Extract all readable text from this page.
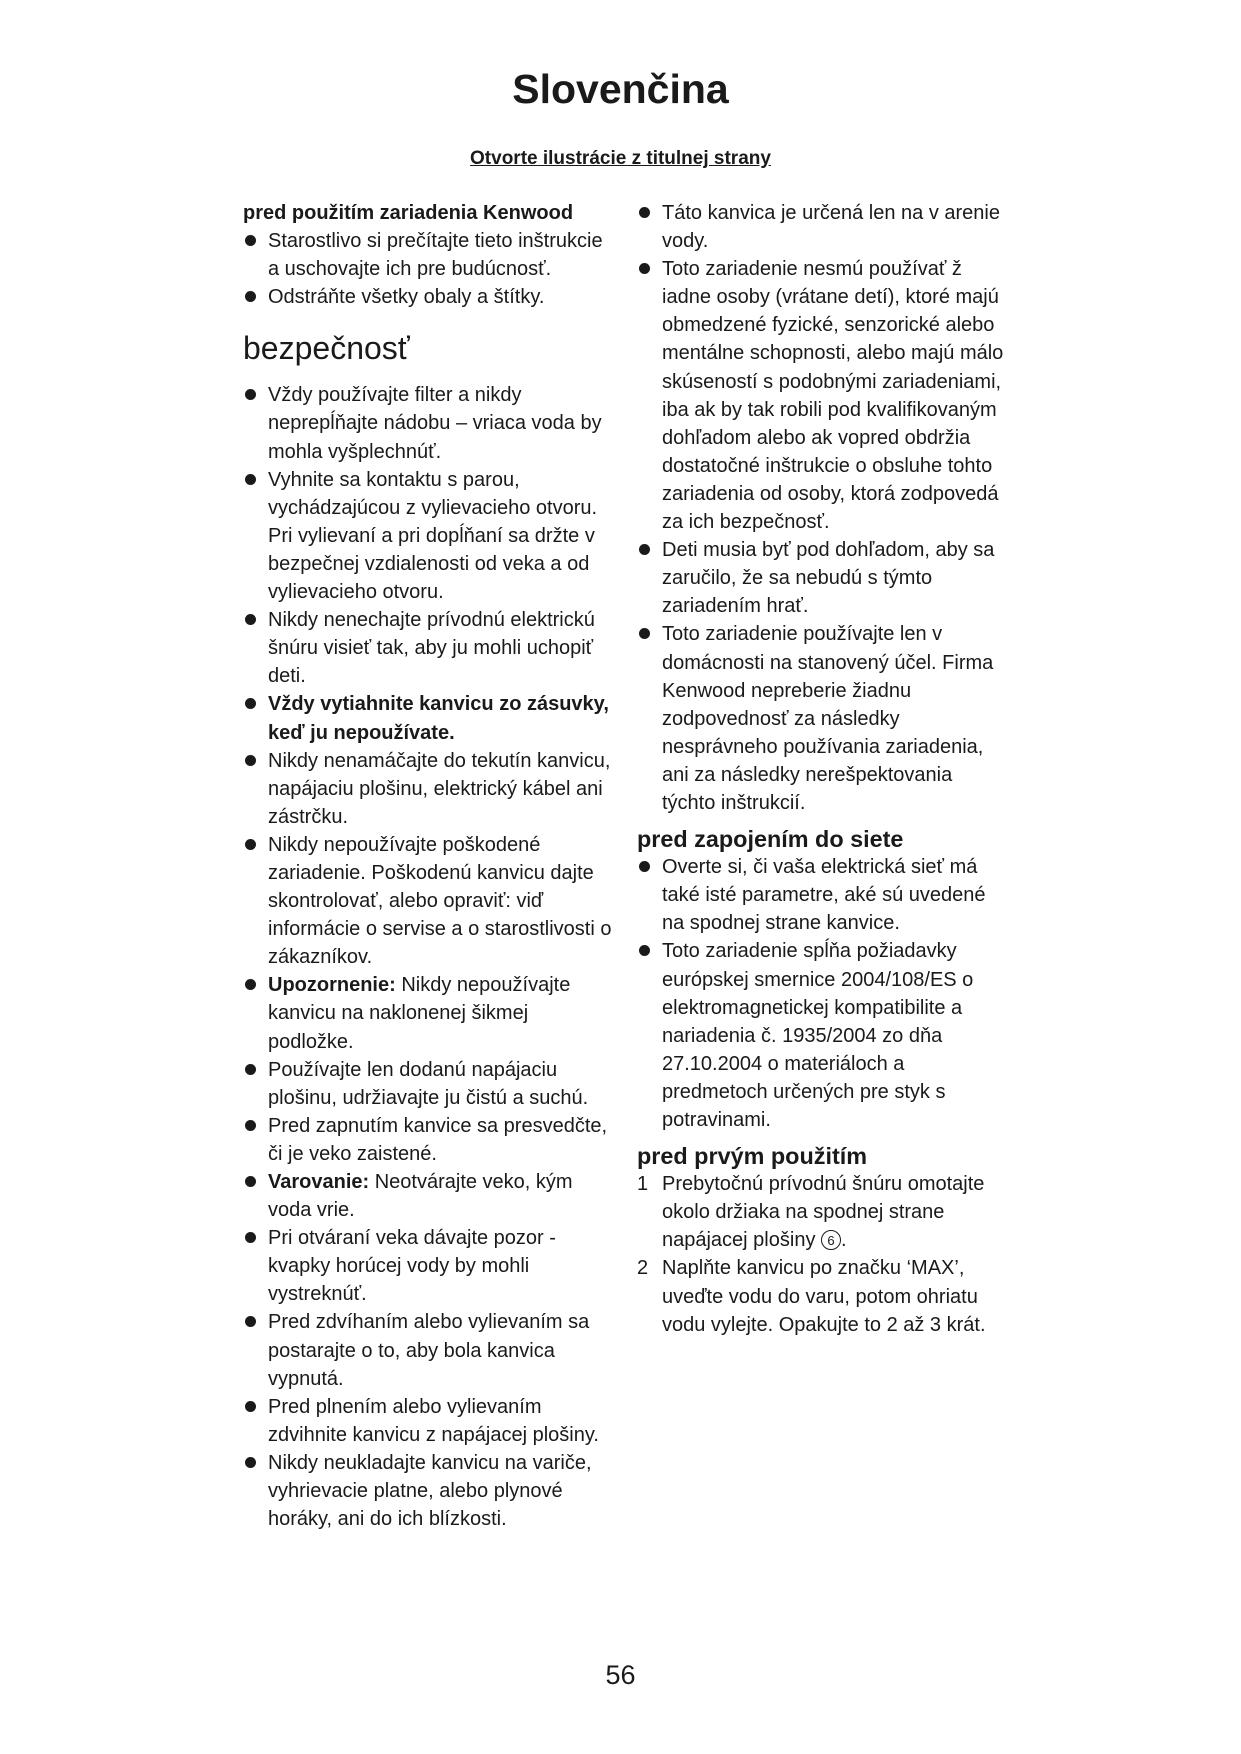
Slovenčina

Otvorte ilustrácie z titulnej strany

pred použitím zariadenia Kenwood

Starostlivo si prečítajte tieto inštrukcie a uschovajte ich pre budúcnosť.
Odstráňte všetky obaly a štítky.
bezpečnosť
Vždy používajte filter a nikdy neprepĺňajte nádobu – vriaca voda by mohla vyšplechnúť.
Vyhnite sa kontaktu s parou, vychádzajúcou z vylievacieho otvoru. Pri vylievaní a pri dopĺňaní sa držte v bezpečnej vzdialenosti od veka a od vylievacieho otvoru.
Nikdy nenechajte prívodnú elektrickú šnúru visieť tak, aby ju mohli uchopiť deti.
Vždy vytiahnite kanvicu zo zásuvky, keď ju nepoužívate.
Nikdy nenamáčajte do tekutín kanvicu, napájaciu plošinu, elektrický kábel ani zástrčku.
Nikdy nepoužívajte poškodené zariadenie. Poškodenú kanvicu dajte skontrolovať, alebo opraviť: viď informácie o servise a o starostlivosti o zákazníkov.
Upozornenie: Nikdy nepoužívajte kanvicu na naklonenej šikmej podložke.
Používajte len dodanú napájaciu plošinu, udržiavajte ju čistú a suchú.
Pred zapnutím kanvice sa presvedčte, či je veko zaistené.
Varovanie: Neotvárajte veko, kým voda vrie.
Pri otváraní veka dávajte pozor - kvapky horúcej vody by mohli vystreknúť.
Pred zdvíhaním alebo vylievaním sa postarajte o to, aby bola kanvica vypnutá.
Pred plnením alebo vylievaním zdvihnite kanvicu z napájacej plošiny.
Nikdy neukladajte kanvicu na variče, vyhrievacie platne, alebo plynové horáky, ani do ich blízkosti.
Táto kanvica je určená len na v arenie vody.
Toto zariadenie nesmú používať ž iadne osoby (vrátane detí), ktoré majú obmedzené fyzické, senzorické alebo mentálne schopnosti, alebo majú málo skúseností s podobnými zariadeniami, iba ak by tak robili pod kvalifikovaným dohľadom alebo ak vopred obdržia dostatočné inštrukcie o obsluhe tohto zariadenia od osoby, ktorá zodpovedá za ich bezpečnosť.
Deti musia byť pod dohľadom, aby sa zaručilo, že sa nebudú s týmto zariadením hrať.
Toto zariadenie používajte len v domácnosti na stanovený účel. Firma Kenwood nepreberie žiadnu zodpovednosť za následky nesprávneho používania zariadenia, ani za následky nerešpektovania týchto inštrukcií.
pred zapojením do siete
Overte si, či vaša elektrická sieť má také isté parametre, aké sú uvedené na spodnej strane kanvice.
Toto zariadenie spĺňa požiadavky európskej smernice 2004/108/ES o elektromagnetickej kompatibilite a nariadenia č. 1935/2004 zo dňa 27.10.2004 o materiáloch a predmetoch určených pre styk s potravinami.
pred prvým použitím
1 Prebytočnú prívodnú šnúru omotajte okolo držiaka na spodnej strane napájacej plošiny 6 .
2 Naplňte kanvicu po značku ‘MAX’, uveďte vodu do varu, potom ohriatu vodu vylejte. Opakujte to 2 až 3 krát.

56
